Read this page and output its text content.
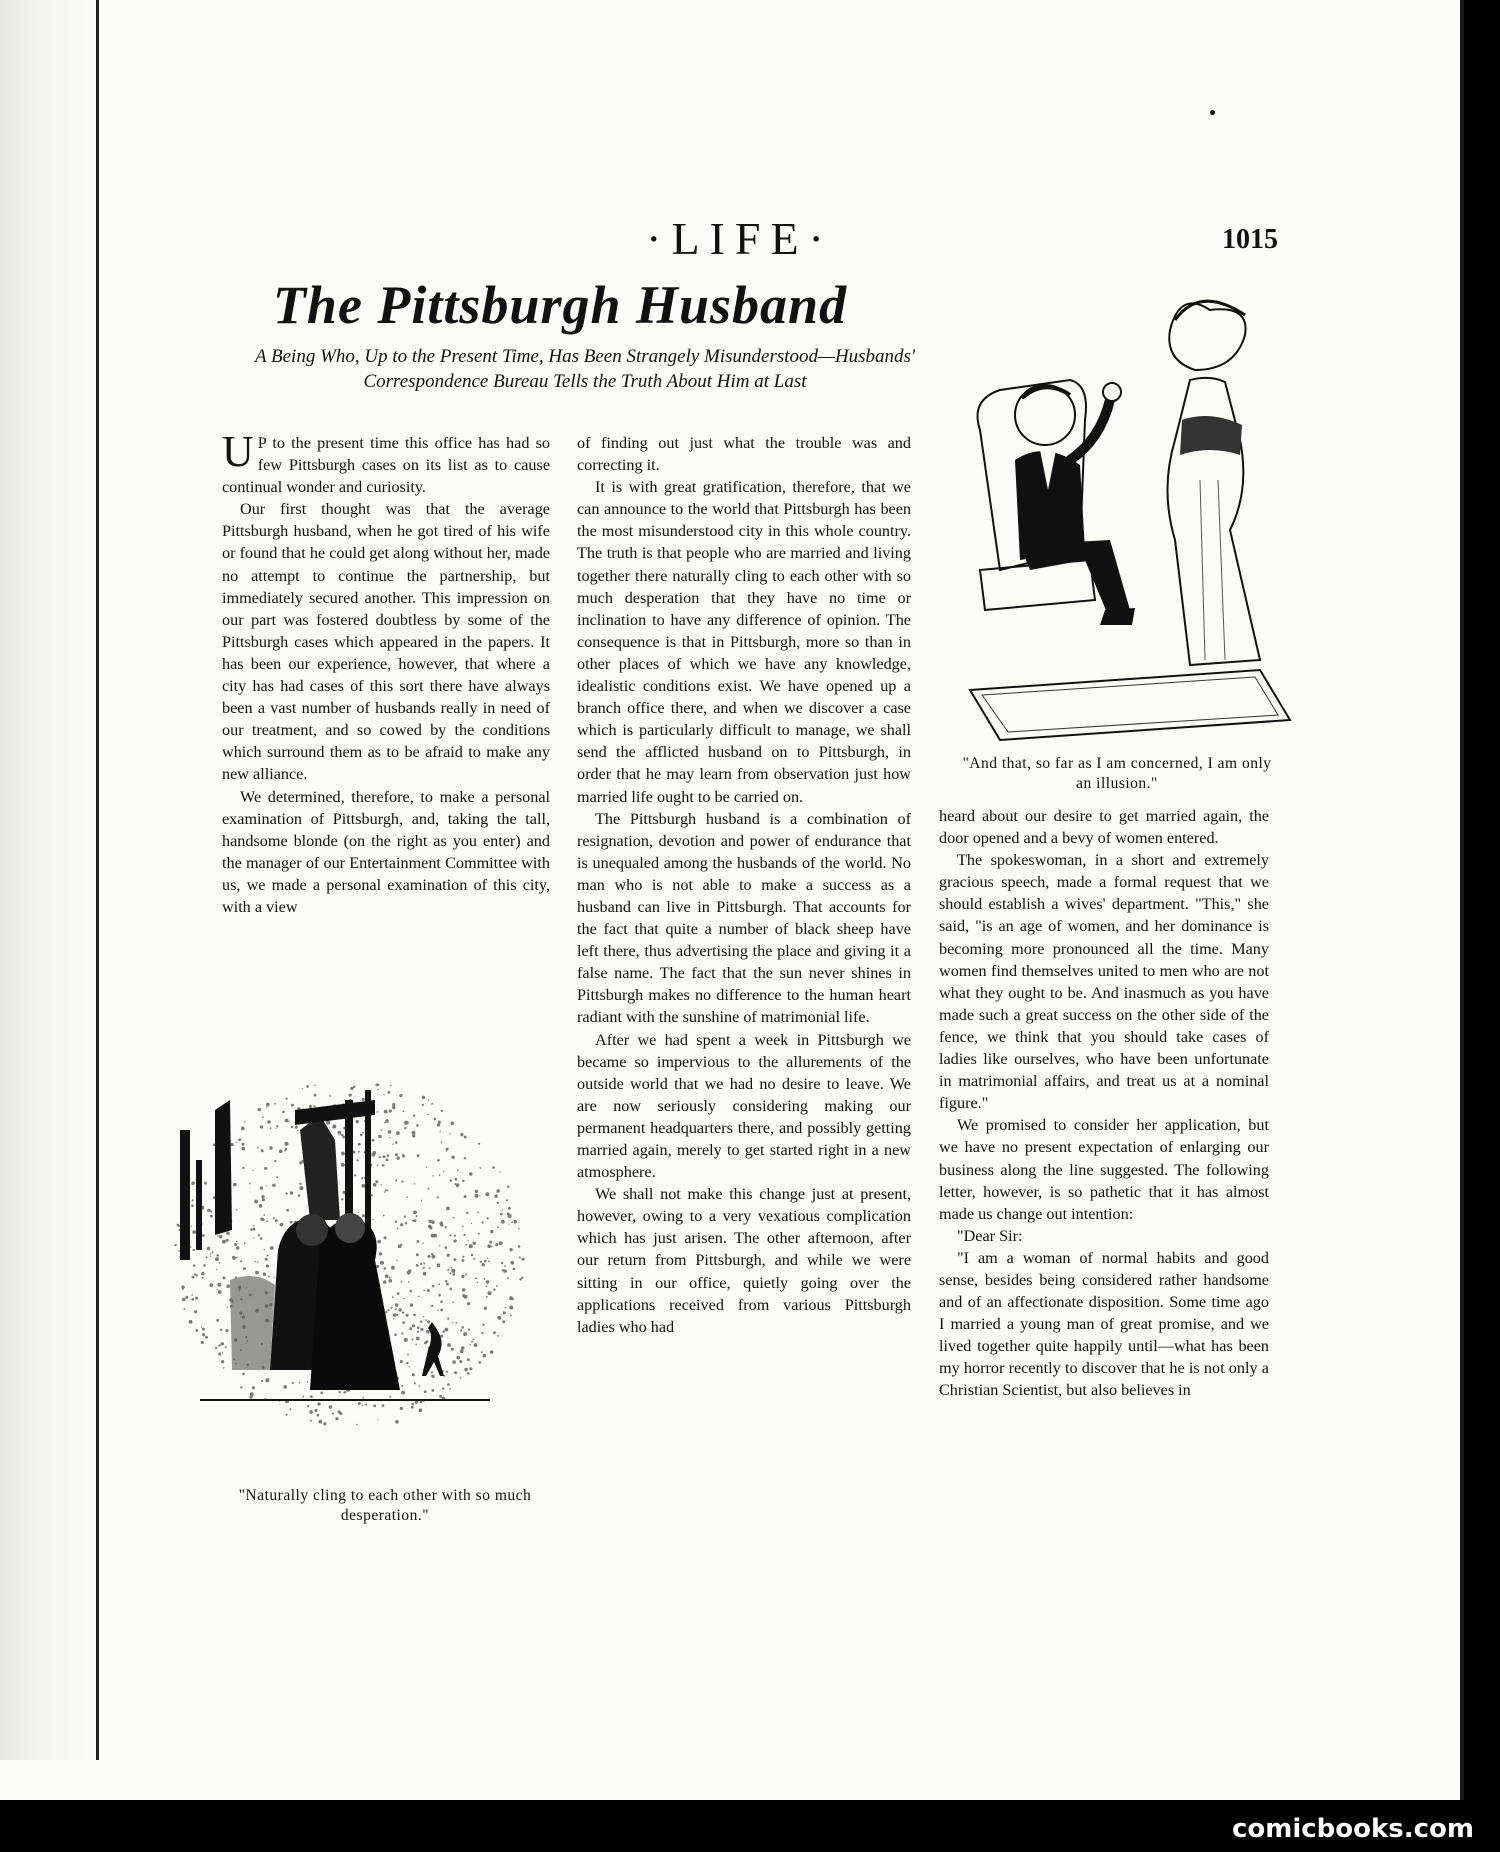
·LIFE·	1015
The Pittsburgh Husband
A Being Who, Up to the Present Time, Has Been Strangely Misunderstood—Husbands' Correspondence Bureau Tells the Truth About Him at Last

U P to the present time this office has had so few Pittsburgh cases on its list as to cause continual wonder and curiosity.

Our first thought was that the average Pittsburgh husband, when he got tired of his wife or found that he could get along without her, made no attempt to continue the partnership, but immediately secured another. This impression on our part was fostered doubtless by some of the Pittsburgh cases which appeared in the papers. It has been our experience, however, that where a city has had cases of this sort there have always been a vast number of husbands really in need of our treatment, and so cowed by the conditions which surround them as to be afraid to make any new alliance.

We determined, therefore, to make a personal examination of Pittsburgh, and, taking the tall, handsome blonde (on the right as you enter) and the manager of our Entertainment Committee with us, we made a personal examination of this city, with a view

"Naturally cling to each other with so much desperation."

of finding out just what the trouble was and correcting it.

It is with great gratification, therefore, that we can announce to the world that Pittsburgh has been the most misunderstood city in this whole country. The truth is that people who are married and living together there naturally cling to each other with so much desperation that they have no time or inclination to have any difference of opinion. The consequence is that in Pittsburgh, more so than in other places of which we have any knowledge, idealistic conditions exist. We have opened up a branch office there, and when we discover a case which is particularly difficult to manage, we shall send the afflicted husband on to Pittsburgh, in order that he may learn from observation just how married life ought to be carried on.

The Pittsburgh husband is a combination of resignation, devotion and power of endurance that is unequaled among the husbands of the world. No man who is not able to make a success as a husband can live in Pittsburgh. That accounts for the fact that quite a number of black sheep have left there, thus advertising the place and giving it a false name. The fact that the sun never shines in Pittsburgh makes no difference to the human heart radiant with the sunshine of matrimonial life.

After we had spent a week in Pittsburgh we became so impervious to the allurements of the outside world that we had no desire to leave. We are now seriously considering making our permanent headquarters there, and possibly getting married again, merely to get started right in a new atmosphere.

We shall not make this change just at present, however, owing to a very vexatious complication which has just arisen. The other afternoon, after our return from Pittsburgh, and while we were sitting in our office, quietly going over the applications received from various Pittsburgh ladies who had

"And that, so far as I am concerned, I am only an illusion."

heard about our desire to get married again, the door opened and a bevy of women entered.

The spokeswoman, in a short and extremely gracious speech, made a formal request that we should establish a wives' department. "This," she said, "is an age of women, and her dominance is becoming more pronounced all the time. Many women find themselves united to men who are not what they ought to be. And inasmuch as you have made such a great success on the other side of the fence, we think that you should take cases of ladies like ourselves, who have been unfortunate in matrimonial affairs, and treat us at a nominal figure."

We promised to consider her application, but we have no present expectation of enlarging our business along the line suggested. The following letter, however, is so pathetic that it has almost made us change out intention:

"Dear Sir:

"I am a woman of normal habits and good sense, besides being considered rather handsome and of an affectionate disposition. Some time ago I married a young man of great promise, and we lived together quite happily until—what has been my horror recently to discover that he is not only a Christian Scientist, but also believes in

comicbooks.com
